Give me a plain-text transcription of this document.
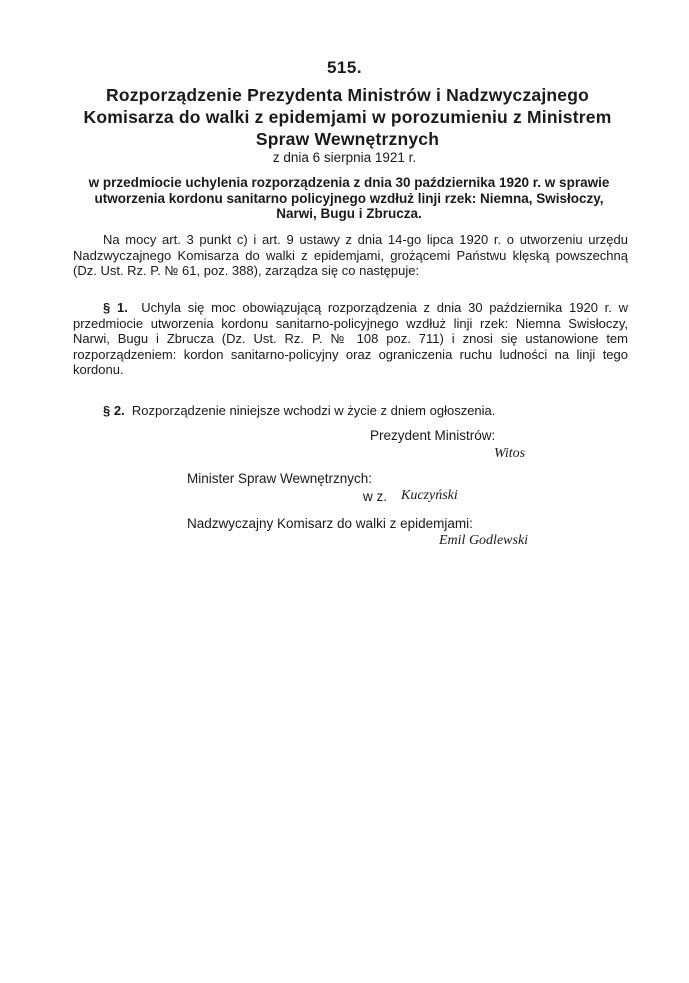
515.
Rozporządzenie Prezydenta Ministrów i Nadzwyczajnego Komisarza do walki z epidemjami w porozumieniu z Ministrem Spraw Wewnętrznych
z dnia 6 sierpnia 1921 r.
w przedmiocie uchylenia rozporządzenia z dnia 30 października 1920 r. w sprawie utworzenia kordonu sanitarno policyjnego wzdłuż linji rzek: Niemna, Swisłoczy, Narwi, Bugu i Zbrucza.

Na mocy art. 3 punkt c) i art. 9 ustawy z dnia 14-go lipca 1920 r. o utworzeniu urzędu Nadzwyczajnego Komisarza do walki z epidemjami, grożącemi Państwu klęską powszechną (Dz. Ust. Rz. P. № 61, poz. 388), zarządza się co następuje:

§ 1. Uchyla się moc obowiązującą rozporządzenia z dnia 30 października 1920 r. w przedmiocie utworzenia kordonu sanitarno-policyjnego wzdłuż linji rzek: Niemna Swisłoczy, Narwi, Bugu i Zbrucza (Dz. Ust. Rz. P. № 108 poz. 711) i znosi się ustanowione tem rozporządzeniem: kordon sanitarno-policyjny oraz ograniczenia ruchu ludności na linji tego kordonu.

§ 2. Rozporządzenie niniejsze wchodzi w życie z dniem ogłoszenia.

Prezydent Ministrów:
Witos
Minister Spraw Wewnętrznych:
w z. Kuczyński
Nadzwyczajny Komisarz do walki z epidemjami:
Emil Godlewski
